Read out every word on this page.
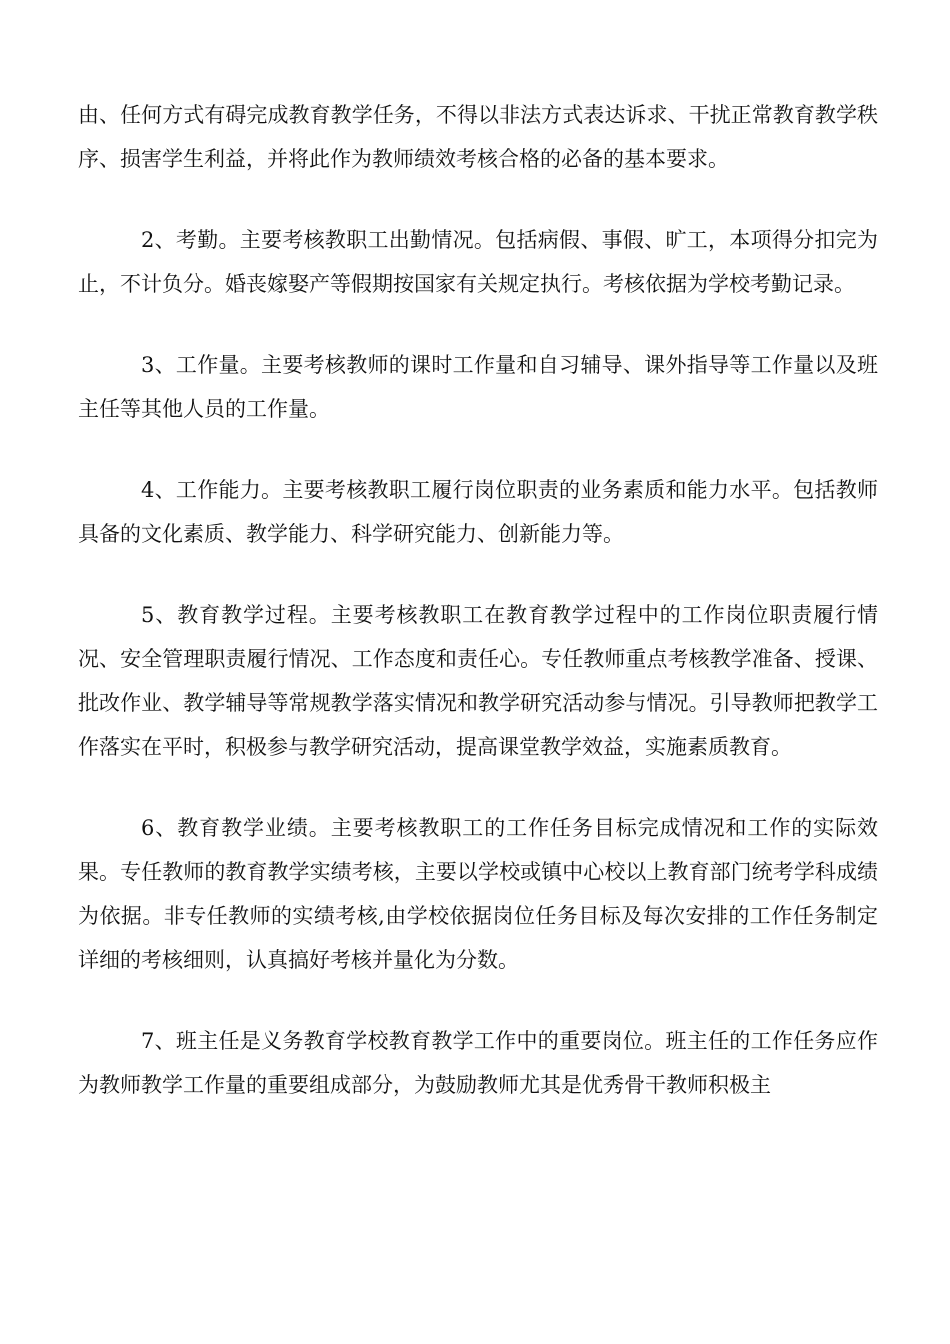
由、任何方式有碍完成教育教学任务，不得以非法方式表达诉求、干扰正常教育教学秩序、损害学生利益，并将此作为教师绩效考核合格的必备的基本要求。

2、考勤。主要考核教职工出勤情况。包括病假、事假、旷工，本项得分扣完为止，不计负分。婚丧嫁娶产等假期按国家有关规定执行。考核依据为学校考勤记录。

3、工作量。主要考核教师的课时工作量和自习辅导、课外指导等工作量以及班主任等其他人员的工作量。

4、工作能力。主要考核教职工履行岗位职责的业务素质和能力水平。包括教师具备的文化素质、教学能力、科学研究能力、创新能力等。

5、教育教学过程。主要考核教职工在教育教学过程中的工作岗位职责履行情况、安全管理职责履行情况、工作态度和责任心。专任教师重点考核教学准备、授课、批改作业、教学辅导等常规教学落实情况和教学研究活动参与情况。引导教师把教学工作落实在平时，积极参与教学研究活动，提高课堂教学效益，实施素质教育。

6、教育教学业绩。主要考核教职工的工作任务目标完成情况和工作的实际效果。专任教师的教育教学实绩考核，主要以学校或镇中心校以上教育部门统考学科成绩为依据。非专任教师的实绩考核,由学校依据岗位任务目标及每次安排的工作任务制定详细的考核细则，认真搞好考核并量化为分数。

7、班主任是义务教育学校教育教学工作中的重要岗位。班主任的工作任务应作为教师教学工作量的重要组成部分，为鼓励教师尤其是优秀骨干教师积极主
